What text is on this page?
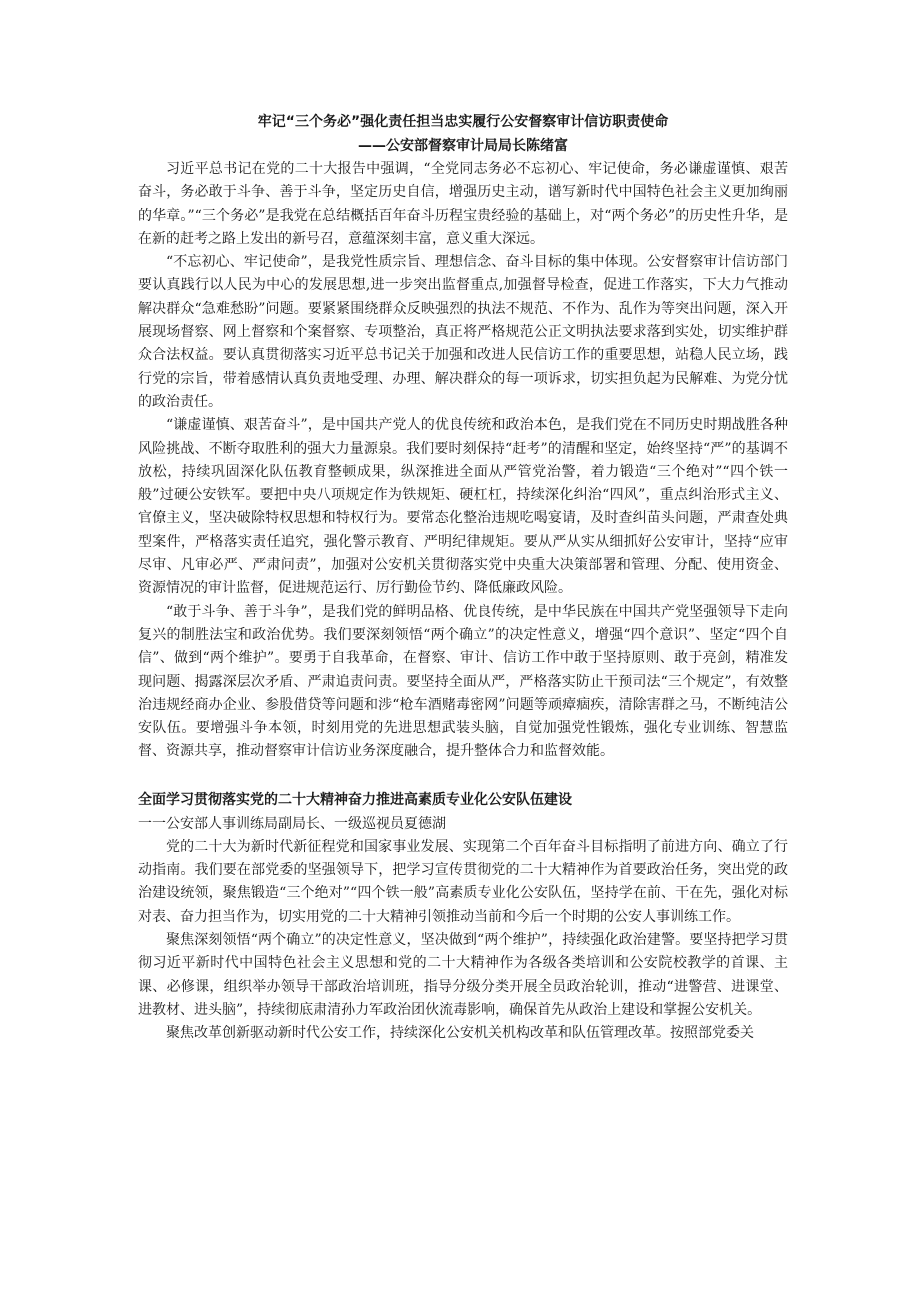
牢记“三个务必”强化责任担当忠实履行公安督察审计信访职责使命
——公安部督察审计局局长陈绪富

习近平总书记在党的二十大报告中强调，“全党同志务必不忘初心、牢记使命，务必谦虚谨慎、艰苦奋斗，务必敢于斗争、善于斗争，坚定历史自信，增强历史主动，谱写新时代中国特色社会主义更加绚丽的华章。”“三个务必”是我党在总结概括百年奋斗历程宝贵经验的基础上，对“两个务必”的历史性升华，是在新的赶考之路上发出的新号召，意蕴深刻丰富，意义重大深远。

“不忘初心、牢记使命”，是我党性质宗旨、理想信念、奋斗目标的集中体现。公安督察审计信访部门要认真践行以人民为中心的发展思想,进一步突出监督重点,加强督导检查，促进工作落实，下大力气推动解决群众“急难愁盼”问题。要紧紧围绕群众反映强烈的执法不规范、不作为、乱作为等突出问题，深入开展现场督察、网上督察和个案督察、专项整治，真正将严格规范公正文明执法要求落到实处，切实维护群众合法权益。要认真贯彻落实习近平总书记关于加强和改进人民信访工作的重要思想，站稳人民立场，践行党的宗旨，带着感情认真负责地受理、办理、解决群众的每一项诉求，切实担负起为民解难、为党分忧的政治责任。

“谦虚谨慎、艰苦奋斗”，是中国共产党人的优良传统和政治本色，是我们党在不同历史时期战胜各种风险挑战、不断夺取胜利的强大力量源泉。我们要时刻保持“赶考”的清醒和坚定，始终坚持“严”的基调不放松，持续巩固深化队伍教育整顿成果，纵深推进全面从严管党治警，着力锻造“三个绝对”“四个铁一般”过硬公安铁军。要把中央八项规定作为铁规矩、硬杠杠，持续深化纠治“四风”，重点纠治形式主义、官僚主义，坚决破除特权思想和特权行为。要常态化整治违规吃喝宴请，及时查纠苗头问题，严肃查处典型案件，严格落实责任追究，强化警示教育、严明纪律规矩。要从严从实从细抓好公安审计，坚持“应审尽审、凡审必严、严肃问责”，加强对公安机关贯彻落实党中央重大决策部署和管理、分配、使用资金、资源情况的审计监督，促进规范运行、厉行勤俭节约、降低廉政风险。

“敢于斗争、善于斗争”，是我们党的鲜明品格、优良传统，是中华民族在中国共产党坚强领导下走向复兴的制胜法宝和政治优势。我们要深刻领悟“两个确立”的决定性意义，增强“四个意识”、坚定“四个自信”、做到“两个维护”。要勇于自我革命，在督察、审计、信访工作中敢于坚持原则、敢于亮剑，精准发现问题、揭露深层次矛盾、严肃追责问责。要坚持全面从严，严格落实防止干预司法“三个规定”，有效整治违规经商办企业、参股借贷等问题和涉“枪车酒赌毒密网”问题等顽瘴痼疾，清除害群之马，不断纯洁公安队伍。要增强斗争本领，时刻用党的先进思想武装头脑，自觉加强党性锻炼，强化专业训练、智慧监督、资源共享，推动督察审计信访业务深度融合，提升整体合力和监督效能。

全面学习贯彻落实党的二十大精神奋力推进高素质专业化公安队伍建设

一一公安部人事训练局副局长、一级巡视员夏德湖

党的二十大为新时代新征程党和国家事业发展、实现第二个百年奋斗目标指明了前进方向、确立了行动指南。我们要在部党委的坚强领导下，把学习宣传贯彻党的二十大精神作为首要政治任务，突出党的政治建设统领，聚焦锻造“三个绝对”“四个铁一般”高素质专业化公安队伍，坚持学在前、干在先，强化对标对表、奋力担当作为，切实用党的二十大精神引领推动当前和今后一个时期的公安人事训练工作。

聚焦深刻领悟“两个确立”的决定性意义，坚决做到“两个维护”，持续强化政治建警。要坚持把学习贯彻习近平新时代中国特色社会主义思想和党的二十大精神作为各级各类培训和公安院校教学的首课、主课、必修课，组织举办领导干部政治培训班，指导分级分类开展全员政治轮训，推动“进警营、进课堂、进教材、进头脑”，持续彻底肃清孙力军政治团伙流毒影响，确保首先从政治上建设和掌握公安机关。

聚焦改革创新驱动新时代公安工作，持续深化公安机关机构改革和队伍管理改革。按照部党委关
